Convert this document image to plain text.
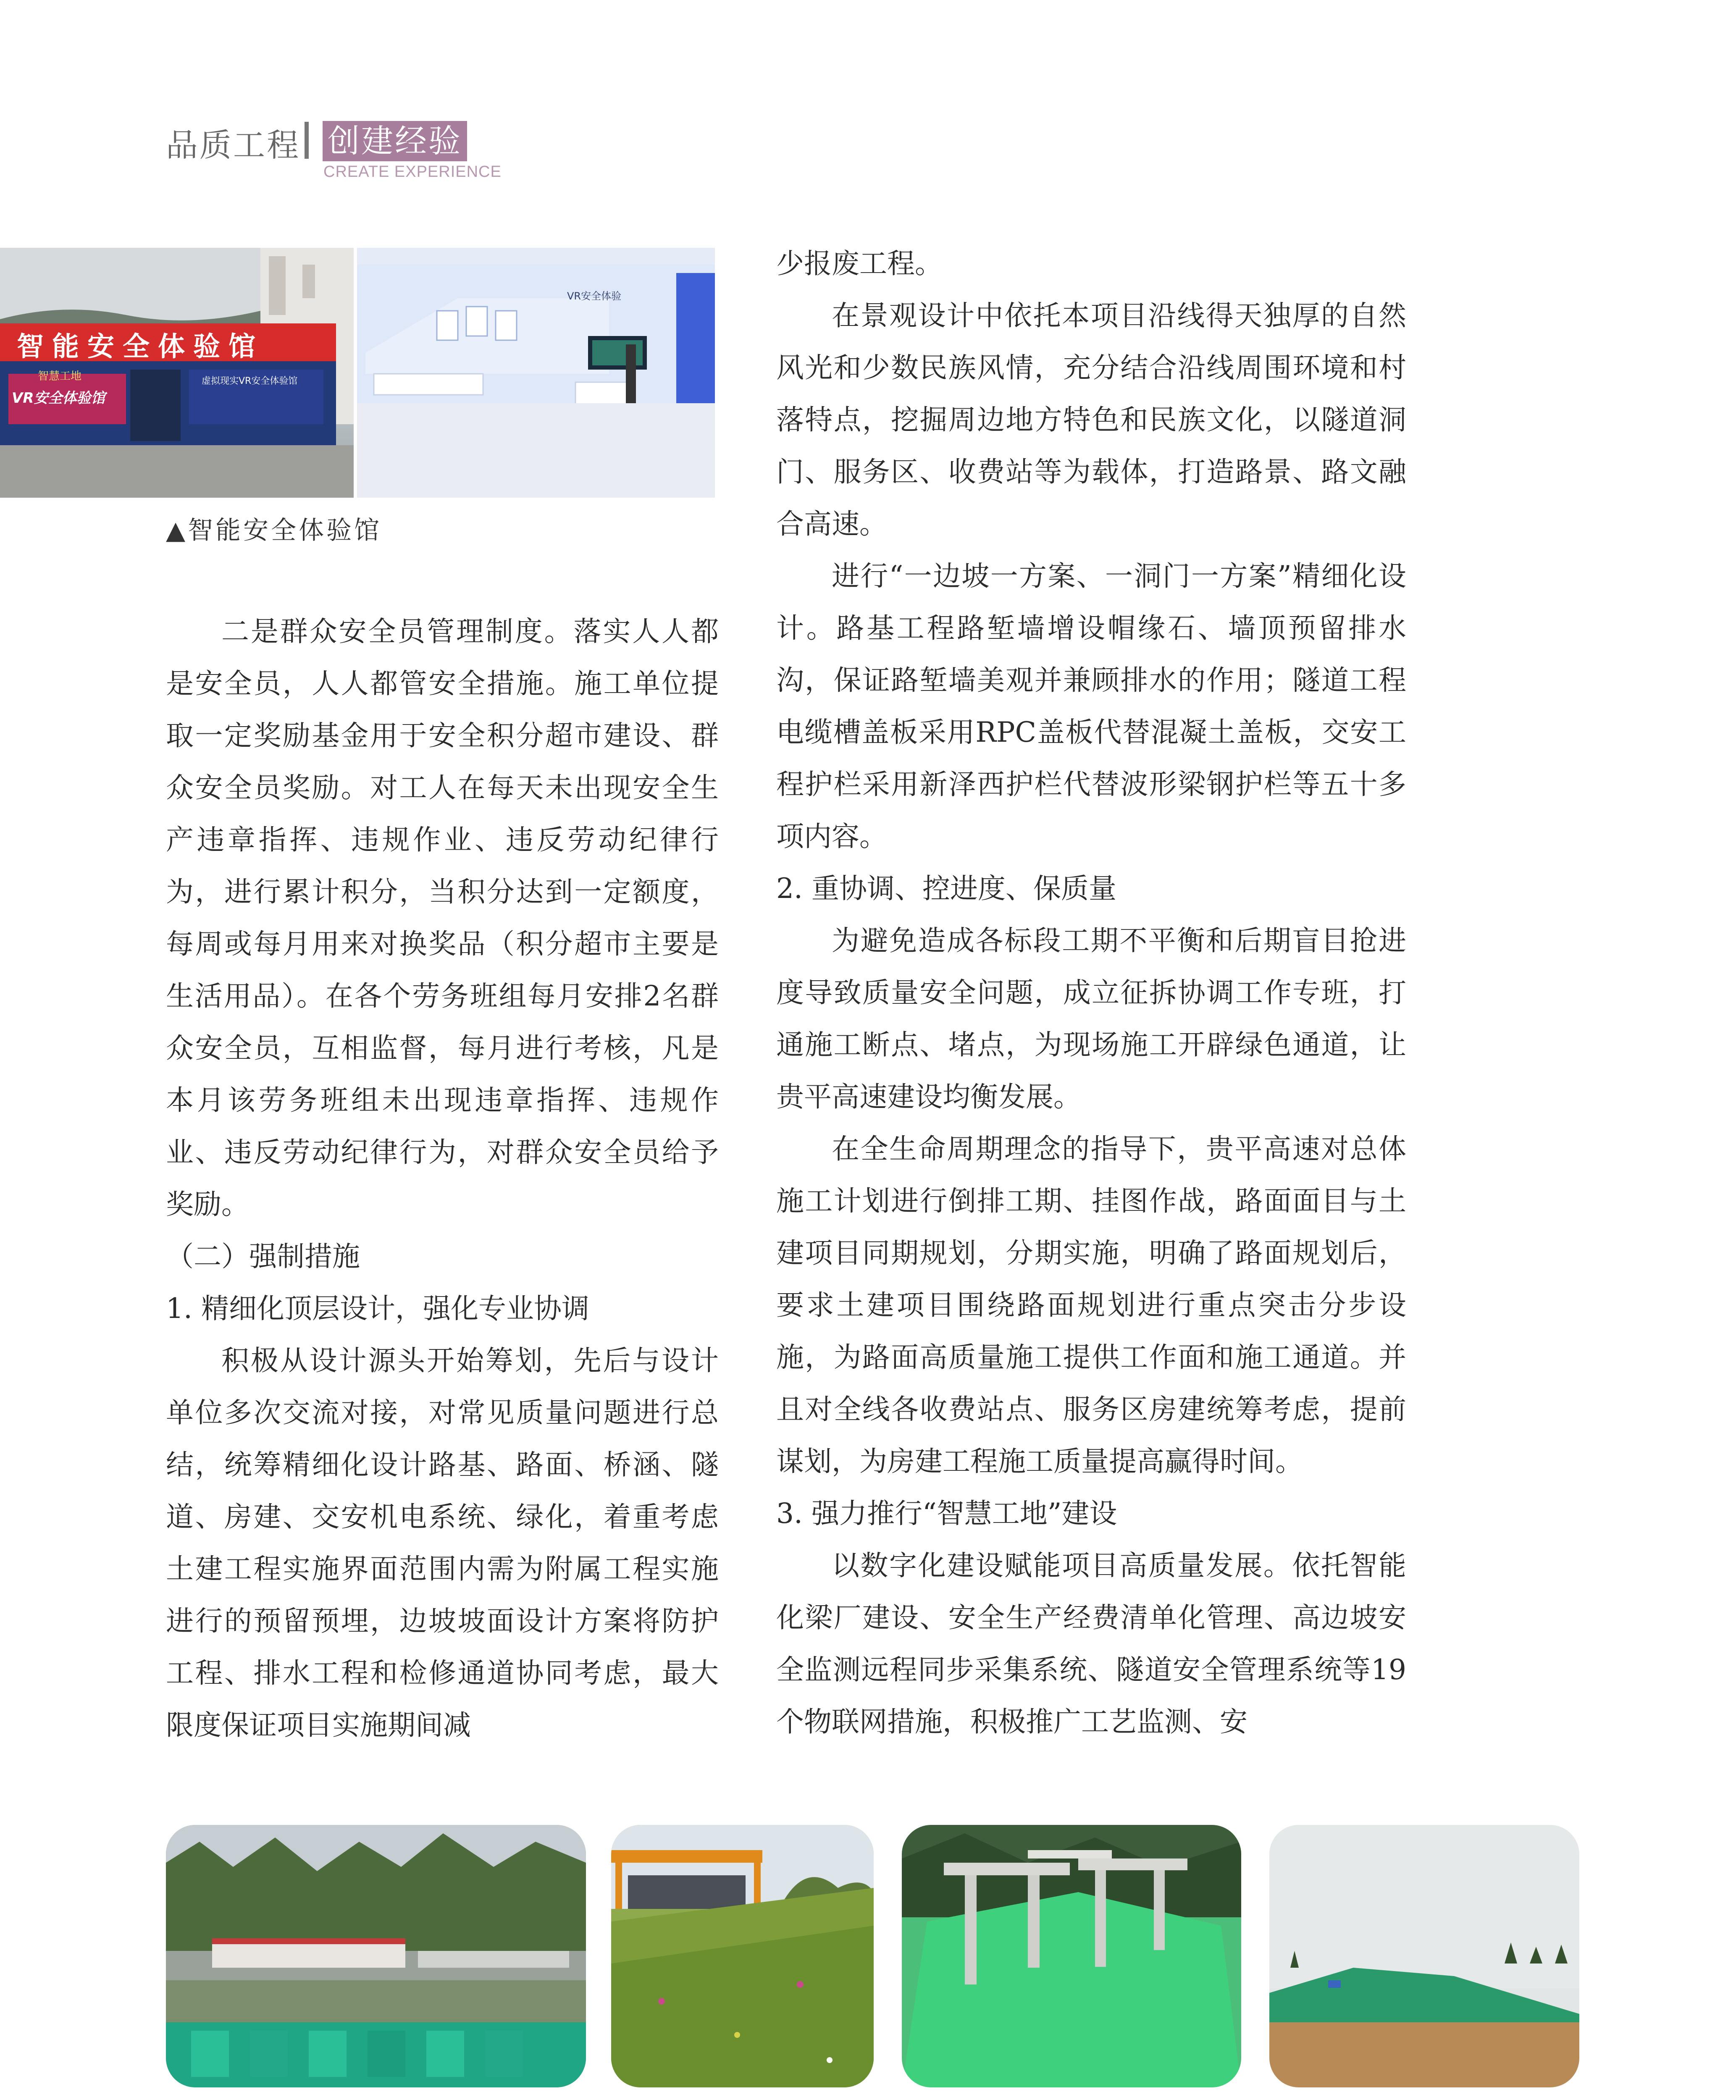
品质工程 创建经验
CREATE EXPERIENCE
智能安全体验馆
智慧工地
VR安全体验馆
虚拟现实VR安全体验馆
VR安全体验
▲智能安全体验馆

二是群众安全员管理制度。落实人人都是安全员，人人都管安全措施。施工单位提取一定奖励基金用于安全积分超市建设、群众安全员奖励。对工人在每天未出现安全生产违章指挥、违规作业、违反劳动纪律行为，进行累计积分，当积分达到一定额度，每周或每月用来对换奖品（积分超市主要是生活用品）。在各个劳务班组每月安排2名群众安全员，互相监督，每月进行考核，凡是本月该劳务班组未出现违章指挥、违规作业、违反劳动纪律行为，对群众安全员给予奖励。

（二）强制措施

1. 精细化顶层设计，强化专业协调

积极从设计源头开始筹划，先后与设计单位多次交流对接，对常见质量问题进行总结，统筹精细化设计路基、路面、桥涵、隧道、房建、交安机电系统、绿化，着重考虑土建工程实施界面范围内需为附属工程实施进行的预留预埋，边坡坡面设计方案将防护工程、排水工程和检修通道协同考虑，最大限度保证项目实施期间减

少报废工程。

在景观设计中依托本项目沿线得天独厚的自然风光和少数民族风情，充分结合沿线周围环境和村落特点，挖掘周边地方特色和民族文化，以隧道洞门、服务区、收费站等为载体，打造路景、路文融合高速。

进行“一边坡一方案、一洞门一方案”精细化设计。路基工程路堑墙增设帽缘石、墙顶预留排水沟，保证路堑墙美观并兼顾排水的作用；隧道工程电缆槽盖板采用RPC盖板代替混凝土盖板，交安工程护栏采用新泽西护栏代替波形梁钢护栏等五十多项内容。

2. 重协调、控进度、保质量

为避免造成各标段工期不平衡和后期盲目抢进度导致质量安全问题，成立征拆协调工作专班，打通施工断点、堵点，为现场施工开辟绿色通道，让贵平高速建设均衡发展。

在全生命周期理念的指导下，贵平高速对总体施工计划进行倒排工期、挂图作战，路面面目与土建项目同期规划，分期实施，明确了路面规划后，要求土建项目围绕路面规划进行重点突击分步设施，为路面高质量施工提供工作面和施工通道。并且对全线各收费站点、服务区房建统筹考虑，提前谋划，为房建工程施工质量提高赢得时间。

3. 强力推行“智慧工地”建设

以数字化建设赋能项目高质量发展。依托智能化梁厂建设、安全生产经费清单化管理、高边坡安全监测远程同步采集系统、隧道安全管理系统等19个物联网措施，积极推广工艺监测、安
